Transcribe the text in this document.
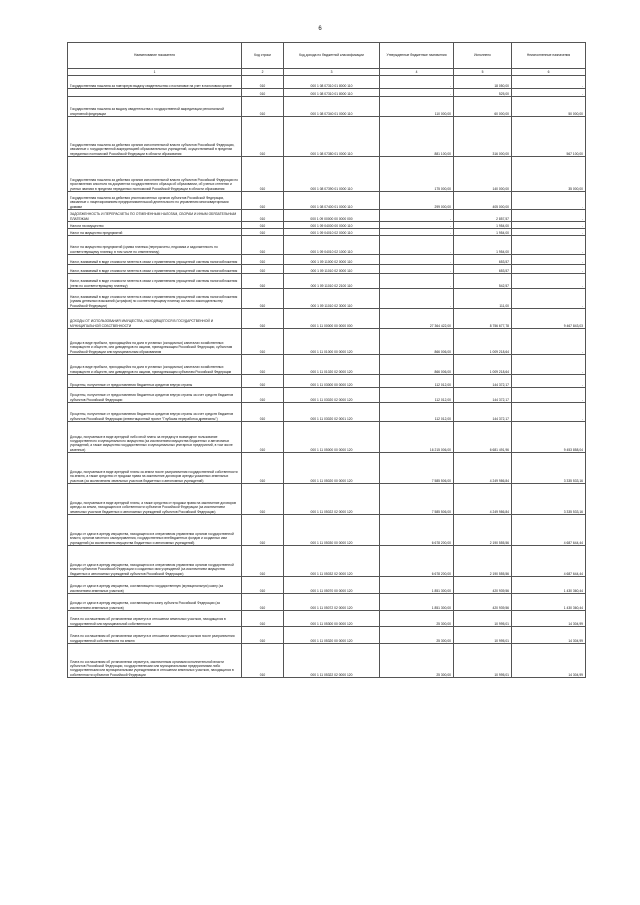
6
Наименование показателя	Код строки	Код дохода по бюджетной классификации	Утвержденные бюджетные назначения	Исполнено	Неисполненные назначения
1	2	3	4	5	6
Государственная пошлина за повторную выдачу свидетельства о постановке на учет в налоговом органе	010	000 1 08 07310 01 8000 110	-	18 050,00	-
	010	000 1 08 07310 01 8000 110	-	525,00	-
Государственная пошлина за выдачу свидетельства о государственной аккредитации региональной спортивной федерации	010	000 1 08 07340 01 0000 110	110 000,00	60 000,00	50 000,00
Государственная пошлина за действия органов исполнительной власти субъектов Российской Федерации, связанные с государственной аккредитацией образовательных учреждений, осуществляемой в пределах переданных полномочий Российской Федерации в области образования	010	000 1 08 07380 01 0000 110	881 100,00	316 000,00	567 100,00
Государственная пошлина за действия органов исполнительной власти субъектов Российской Федерации по проставлению апостиля на документах государственного образца об образовании, об ученых степенях и ученых званиях в пределах переданных полномочий Российской Федерации в области образования	010	000 1 08 07390 01 0000 110	175 000,00	140 000,00	35 000,00
Государственная пошлина за действия уполномоченных органов субъектов Российской Федерации, связанные с лицензированием предпринимательской деятельности по управлению многоквартирными домами	010	000 1 08 07400 01 0000 110	299 000,00	405 000,00	-
ЗАДОЛЖЕННОСТЬ И ПЕРЕРАСЧЕТЫ ПО ОТМЕНЕННЫМ НАЛОГАМ, СБОРАМ И ИНЫМ ОБЯЗАТЕЛЬНЫМ ПЛАТЕЖАМ	010	000 1 09 00000 00 0000 000	-	2 857,57	-
Налоги на имущество	010	000 1 09 04000 00 0000 110	-	1 954,00	-
Налог на имущество предприятий	010	000 1 09 04010 02 0000 110	-	1 954,00	-
Налог на имущество предприятий (сумма платежа (перерасчеты, недоимка и задолженность по соответствующему платежу, в том числе по отмененному)	010	000 1 09 04010 02 1000 110	-	1 954,00	-
Налог, взимаемый в виде стоимости патента в связи с применением упрощенной системы налогообложения	010	000 1 09 11000 02 0000 110	-	653,57	-
Налог, взимаемый в виде стоимости патента в связи с применением упрощенной системы налогообложения	010	000 1 09 11010 02 0000 110	-	653,57	-
Налог, взимаемый в виде стоимости патента в связи с применением упрощенной системы налогообложения (пени по соответствующему платежу)	010	000 1 09 11010 02 2100 110	-	542,57	-
Налог, взимаемый в виде стоимости патента в связи с применением упрощенной системы налогообложения (суммы денежных взысканий (штрафов) по соответствующему платежу согласно законодательству Российской Федерации)	010	000 1 09 11010 02 3000 110	-	111,00	-
ДОХОДЫ ОТ ИСПОЛЬЗОВАНИЯ ИМУЩЕСТВА, НАХОДЯЩЕГОСЯ В ГОСУДАРСТВЕННОЙ И МУНИЦИПАЛЬНОЙ СОБСТВЕННОСТИ	010	000 1 11 00000 00 0000 000	27 364 422,00	8 756 677,78	9 467 843,03
Доходы в виде прибыли, приходящейся на доли в уставных (складочных) капиталах хозяйственных товариществ и обществ, или дивидендов по акциям, принадлежащим Российской Федерации, субъектам Российской Федерации или муниципальным образованиям	010	000 1 11 01000 00 0000 120	866 006,00	1 009 218,64	-
Доходы в виде прибыли, приходящейся на доли в уставных (складочных) капиталах хозяйственных товариществ и обществ, или дивидендов по акциям, принадлежащим субъектам Российской Федерации	010	000 1 11 01020 02 0000 120	866 006,00	1 009 218,64	-
Проценты, полученные от предоставления бюджетных кредитов внутри страны	010	000 1 11 03000 00 0000 120	112 012,00	144 372,17	-
Проценты, полученные от предоставления бюджетных кредитов внутри страны за счет средств бюджетов субъектов Российской Федерации	010	000 1 11 03020 02 0000 120	112 012,00	144 372,17	-
Проценты, полученные от предоставления бюджетных кредитов внутри страны за счет средств бюджетов субъектов Российской Федерации (инвестиционный проект "Глубокая переработка древесины")	010	000 1 11 03020 02 0001 120	112 012,00	144 372,17	-
Доходы, получаемые в виде арендной либо иной платы за передачу в возмездное пользование государственного и муниципального имущества (за исключением имущества бюджетных и автономных учреждений, а также имущества государственных и муниципальных унитарных предприятий, в том числе казенных)	010	000 1 11 05000 00 0000 120	16 215 006,00	6 681 491,96	9 453 858,04
Доходы, получаемые в виде арендной платы за земли после разграничения государственной собственности на землю, а также средства от продажи права на заключение договоров аренды указанных земельных участков (за исключением земельных участков бюджетных и автономных учреждений)	010	000 1 11 05020 00 0000 120	7 585 506,00	4 249 986,84	3 335 533,16
Доходы, получаемые в виде арендной платы, а также средства от продажи права на заключение договоров аренды за земли, находящиеся в собственности субъектов Российской Федерации (за исключением земельных участков бюджетных и автономных учреждений субъектов Российской Федерации)	010	000 1 11 05022 02 0000 120	7 585 506,00	4 249 986,84	3 335 533,16
Доходы от сдачи в аренду имущества, находящегося в оперативном управлении органов государственной власти, органов местного самоуправления, государственных внебюджетных фондов и созданных ими учреждений (за исключением имущества бюджетных и автономных учреждений)	010	000 1 11 05030 00 0000 120	6 678 200,00	2 190 555,56	4 687 644,44
Доходы от сдачи в аренду имущества, находящегося в оперативном управлении органов государственной власти субъектов Российской Федерации и созданных ими учреждений (за исключением имущества бюджетных и автономных учреждений субъектов Российской Федерации)	010	000 1 11 05032 02 0000 120	6 678 200,00	2 190 555,56	4 687 644,44
Доходы от сдачи в аренду имущества, составляющего государственную (муниципальную) казну (за исключением земельных участков)	010	000 1 11 05070 00 0000 120	1 851 300,00	420 939,56	1 430 360,44
Доходы от сдачи в аренду имущества, составляющего казну субъекта Российской Федерации (за исключением земельных участков)	010	000 1 11 05072 02 0000 120	1 851 300,00	420 939,56	1 430 360,44
Плата по соглашениям об установлении сервитута в отношении земельных участков, находящихся в государственной или муниципальной собственности	010	000 1 11 05300 00 0000 120	25 300,00	10 995,01	14 304,99
Плата по соглашениям об установлении сервитута в отношении земельных участков после разграничения государственной собственности на землю	010	000 1 11 05320 00 0000 120	25 300,00	10 995,01	14 304,99
Плата по соглашениям об установлении сервитута, заключенным органами исполнительной власти субъектов Российской Федерации, государственными или муниципальными предприятиями либо государственными или муниципальными учреждениями в отношении земельных участков, находящихся в собственности субъектов Российской Федерации	010	000 1 11 05322 02 0000 120	25 300,00	10 995,01	14 304,99
